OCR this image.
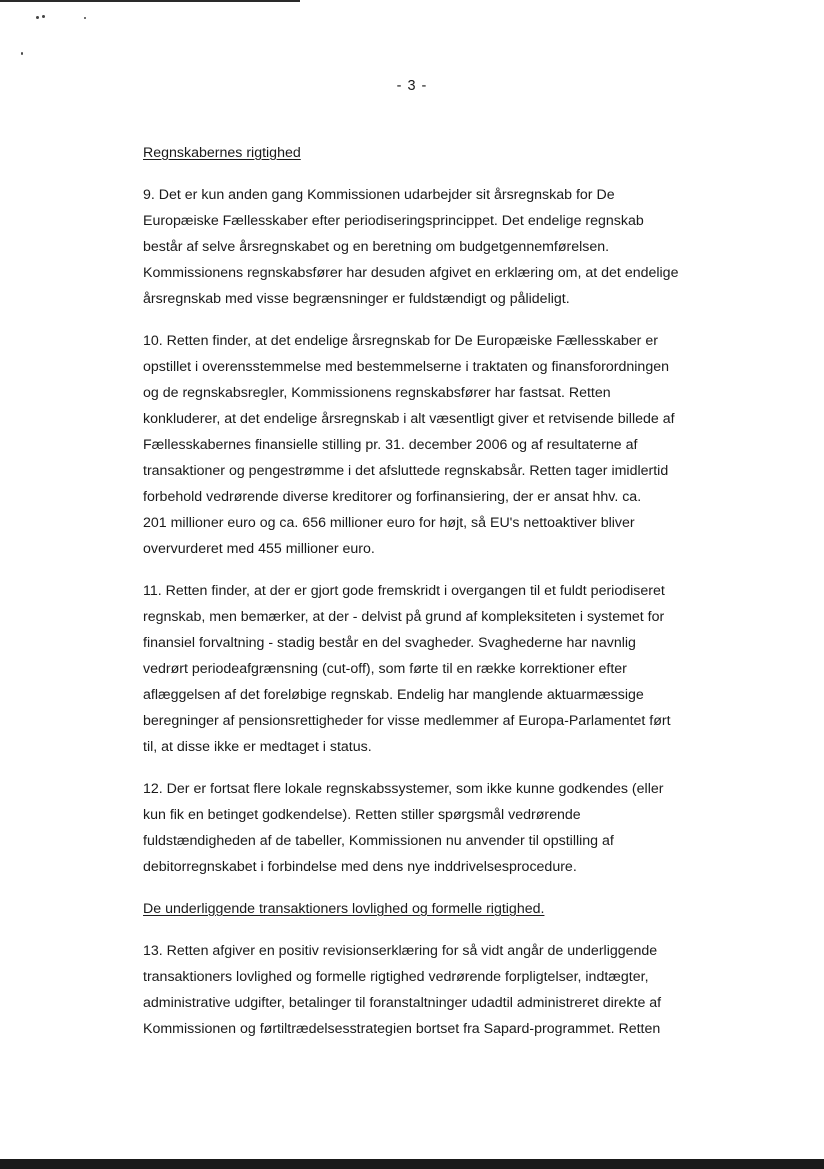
- 3 -
Regnskabernes rigtighed
9. Det er kun anden gang Kommissionen udarbejder sit årsregnskab for De
Europæiske Fællesskaber efter periodiseringsprincippet. Det endelige regnskab
består af selve årsregnskabet og en beretning om budgetgennemførelsen.
Kommissionens regnskabsfører har desuden afgivet en erklæring om, at det endelige
årsregnskab med visse begrænsninger er fuldstændigt og pålideligt.
10. Retten finder, at det endelige årsregnskab for De Europæiske Fællesskaber er
opstillet i overensstemmelse med bestemmelserne i traktaten og finansforordningen
og de regnskabsregler, Kommissionens regnskabsfører har fastsat. Retten
konkluderer, at det endelige årsregnskab i alt væsentligt giver et retvisende billede af
Fællesskabernes finansielle stilling pr. 31. december 2006 og af resultaterne af
transaktioner og pengestrømme i det afsluttede regnskabsår. Retten tager imidlertid
forbehold vedrørende diverse kreditorer og forfinansiering, der er ansat hhv. ca.
201 millioner euro og ca. 656 millioner euro for højt, så EU's nettoaktiver bliver
overvurderet med 455 millioner euro.
11. Retten finder, at der er gjort gode fremskridt i overgangen til et fuldt periodiseret
regnskab, men bemærker, at der - delvist på grund af kompleksiteten i systemet for
finansiel forvaltning - stadig består en del svagheder. Svaghederne har navnlig
vedrørt periodeafgrænsning (cut-off), som førte til en række korrektioner efter
aflæggelsen af det foreløbige regnskab. Endelig har manglende aktuarmæssige
beregninger af pensionsrettigheder for visse medlemmer af Europa-Parlamentet ført
til, at disse ikke er medtaget i status.
12. Der er fortsat flere lokale regnskabssystemer, som ikke kunne godkendes (eller
kun fik en betinget godkendelse). Retten stiller spørgsmål vedrørende
fuldstændigheden af de tabeller, Kommissionen nu anvender til opstilling af
debitorregnskabet i forbindelse med dens nye inddrivelsesprocedure.
De underliggende transaktioners lovlighed og formelle rigtighed.
13. Retten afgiver en positiv revisionserklæring for så vidt angår de underliggende
transaktioners lovlighed og formelle rigtighed vedrørende forpligtelser, indtægter,
administrative udgifter, betalinger til foranstaltninger udadtil administreret direkte af
Kommissionen og førtiltrædelsesstrategien bortset fra Sapard-programmet. Retten
